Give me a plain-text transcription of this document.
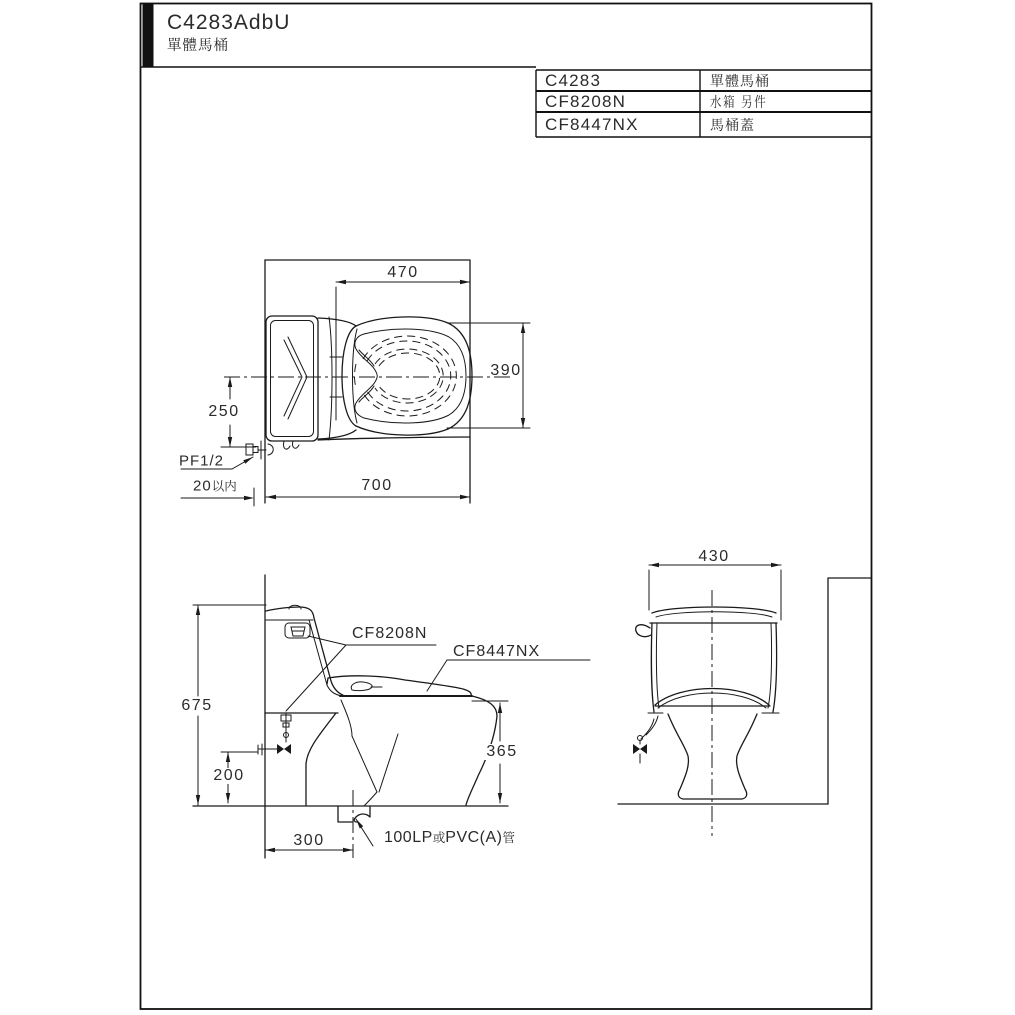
C4283AdbU
單體馬桶
C4283	單體馬桶
CF8208N	水箱 另件
CF8447NX	馬桶蓋
470
390
250
700
PF1/2
20以内
675
200
365
300
CF8208N
CF8447NX
100LP或PVC(A)管
430
